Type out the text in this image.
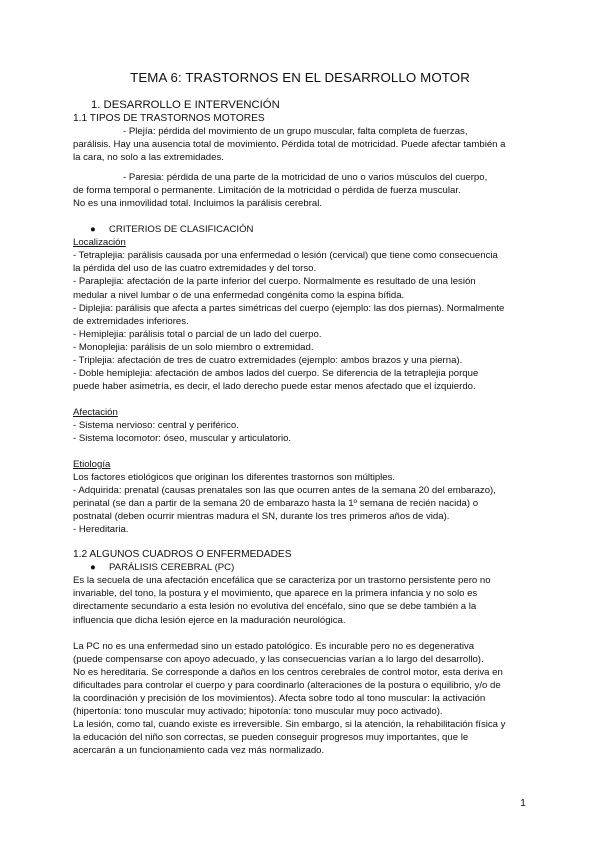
TEMA 6: TRASTORNOS EN EL DESARROLLO MOTOR

1. DESARROLLO E INTERVENCIÓN

1.1 TIPOS DE TRASTORNOS MOTORES

- Plejía: pérdida del movimiento de un grupo muscular, falta completa de fuerzas,

parálisis. Hay una ausencia total de movimiento. Pérdida total de motricidad. Puede afectar también a

la cara, no solo a las extremidades.

- Paresia: pérdida de una parte de la motricidad de uno o varios músculos del cuerpo,

de forma temporal o permanente. Limitación de la motricidad o pérdida de fuerza muscular.

No es una inmovilidad total. Incluimos la parálisis cerebral.

● CRITERIOS DE CLASIFICACIÓN

Localización

- Tetraplejia: parálisis causada por una enfermedad o lesión (cervical) que tiene como consecuencia

la pérdida del uso de las cuatro extremidades y del torso.

- Paraplejia: afectación de la parte inferior del cuerpo. Normalmente es resultado de una lesión

medular a nivel lumbar o de una enfermedad congénita como la espina bífida.

- Diplejia: parálisis que afecta a partes simétricas del cuerpo (ejemplo: las dos piernas). Normalmente

de extremidades inferiores.

- Hemiplejia: parálisis total o parcial de un lado del cuerpo.

- Monoplejia: parálisis de un solo miembro o extremidad.

- Triplejia: afectación de tres de cuatro extremidades (ejemplo: ambos brazos y una pierna).

- Doble hemiplejia: afectación de ambos lados del cuerpo. Se diferencia de la tetraplejia porque

puede haber asimetría, es decir, el lado derecho puede estar menos afectado que el izquierdo.

Afectación

- Sistema nervioso: central y periférico.

- Sistema locomotor: óseo, muscular y articulatorio.

Etiología

Los factores etiológicos que originan los diferentes trastornos son múltiples.

- Adquirida: prenatal (causas prenatales son las que ocurren antes de la semana 20 del embarazo),

perinatal (se dan a partir de la semana 20 de embarazo hasta la 1º semana de recién nacida) o

postnatal (deben ocurrir mientras madura el SN, durante los tres primeros años de vida).

- Hereditaria.

1.2 ALGUNOS CUADROS O ENFERMEDADES

● PARÁLISIS CEREBRAL (PC)

Es la secuela de una afectación encefálica que se caracteriza por un trastorno persistente pero no

invariable, del tono, la postura y el movimiento, que aparece en la primera infancia y no solo es

directamente secundario a esta lesión no evolutiva del encéfalo, sino que se debe también a la

influencia que dicha lesión ejerce en la maduración neurológica.

La PC no es una enfermedad sino un estado patológico. Es incurable pero no es degenerativa

(puede compensarse con apoyo adecuado, y las consecuencias varían a lo largo del desarrollo).

No es hereditaria. Se corresponde a daños en los centros cerebrales de control motor, esta deriva en

dificultades para controlar el cuerpo y para coordinarlo (alteraciones de la postura o equilibrio, y/o de

la coordinación y precisión de los movimientos). Afecta sobre todo al tono muscular: la activación

(hipertonía: tono muscular muy activado; hipotonía: tono muscular muy poco activado).

La lesión, como tal, cuando existe es irreversible. Sin embargo, si la atención, la rehabilitación física y

la educación del niño son correctas, se pueden conseguir progresos muy importantes, que le

acercarán a un funcionamiento cada vez más normalizado.

1
